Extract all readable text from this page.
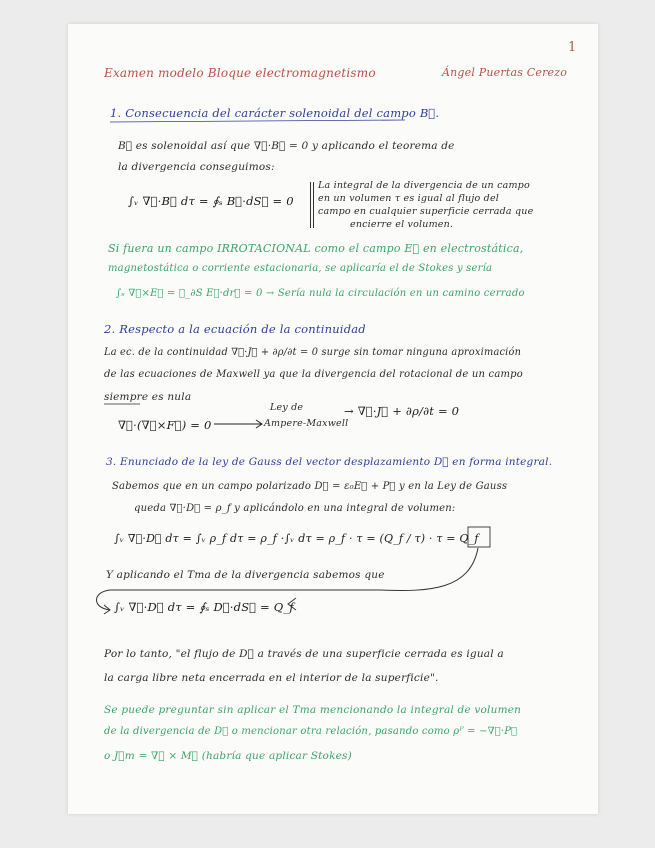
1
Examen modelo Bloque electromagnetismo	Ángel Puertas Cerezo
1. Consecuencia del carácter solenoidal del campo B⃗.
B⃗ es solenoidal así que ∇⃗·B⃗ = 0 y aplicando el teorema de
la divergencia conseguimos:
∫ᵥ ∇⃗·B⃗ dτ = ∮ₛ B⃗·dS⃗ = 0
La integral de la divergencia de un campo
en un volumen τ es igual al flujo del
campo en cualquier superficie cerrada que
encierre el volumen.
Si fuera un campo IRROTACIONAL como el campo E⃗ en electrostática,
magnetostática o corriente estacionaria, se aplicaría el de Stokes y sería
∫ₛ ∇⃗×E⃗ = ∮_∂S E⃗·dr⃗ = 0 → Sería nula la circulación en un camino cerrado
2. Respecto a la ecuación de la continuidad
La ec. de la continuidad ∇⃗·J⃗ + ∂ρ/∂t = 0 surge sin tomar ninguna aproximación
de las ecuaciones de Maxwell ya que la divergencia del rotacional de un campo
siempre es nula
∇⃗·(∇⃗×F⃗) = 0
Ley de
Ampere-Maxwell
→ ∇⃗·J⃗ + ∂ρ/∂t = 0
3. Enunciado de la ley de Gauss del vector desplazamiento D⃗ en forma integral.
Sabemos que en un campo polarizado D⃗ = ε₀E⃗ + P⃗ y en la Ley de Gauss
queda ∇⃗·D⃗ = ρ_f y aplicándolo en una integral de volumen:
∫ᵥ ∇⃗·D⃗ dτ = ∫ᵥ ρ_f dτ = ρ_f ·∫ᵥ dτ = ρ_f · τ = (Q_f / τ) · τ = Q_f
Y aplicando el Tma de la divergencia sabemos que
∫ᵥ ∇⃗·D⃗ dτ = ∮ₛ D⃗·dS⃗ = Q_f
Por lo tanto, "el flujo de D⃗ a través de una superficie cerrada es igual a
la carga libre neta encerrada en el interior de la superficie".
Se puede preguntar sin aplicar el Tma mencionando la integral de volumen
de la divergencia de D⃗ o mencionar otra relación, pasando como ρᴾ = −∇⃗·P⃗
o J⃗m = ∇⃗ × M⃗ (habría que aplicar Stokes)
